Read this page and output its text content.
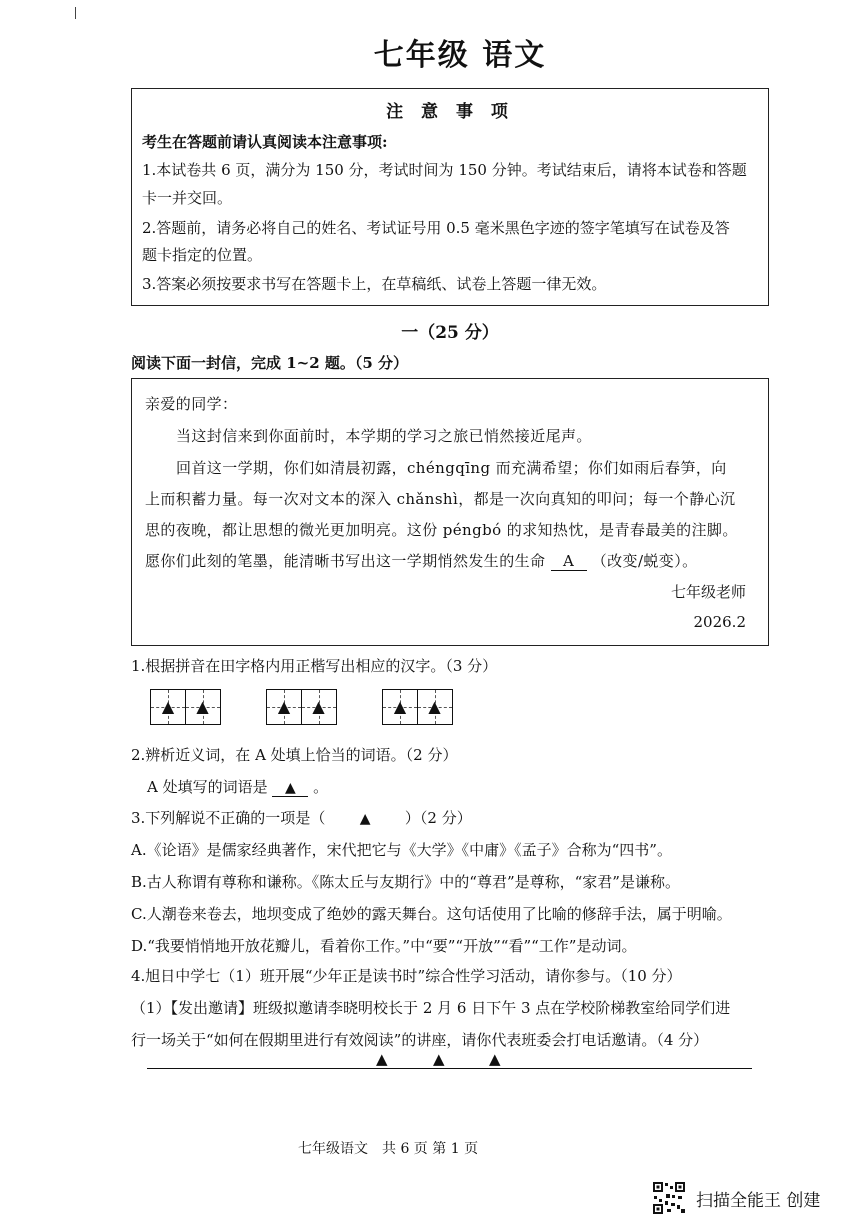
七年级 语文
注 意 事 项
考生在答题前请认真阅读本注意事项:
1.本试卷共 6 页，满分为 150 分，考试时间为 150 分钟。考试结束后，请将本试卷和答题
卡一并交回。
2.答题前，请务必将自己的姓名、考试证号用 0.5 毫米黑色字迹的签字笔填写在试卷及答
题卡指定的位置。
3.答案必须按要求书写在答题卡上，在草稿纸、试卷上答题一律无效。
一（25 分）
阅读下面一封信，完成 1~2 题。（5 分）
亲爱的同学：
当这封信来到你面前时，本学期的学习之旅已悄然接近尾声。
回首这一学期，你们如清晨初露，chéngqīng 而充满希望；你们如雨后春笋，向
上而积蓄力量。每一次对文本的深入 chǎnshì，都是一次向真知的叩问；每一个静心沉
思的夜晚，都让思想的微光更加明亮。这份 péngbó 的求知热忱，是青春最美的注脚。
愿你们此刻的笔墨，能清晰书写出这一学期悄然发生的生命 A （改变/蜕变）。
七年级老师
2026.2
1.根据拼音在田字格内用正楷写出相应的汉字。（3 分）
▲	▲	▲	▲	▲	▲
2.辨析近义词，在 A 处填上恰当的词语。（2 分）
A 处填写的词语是 ▲ 。
3.下列解说不正确的一项是（ ▲ ）（2 分）
A.《论语》是儒家经典著作，宋代把它与《大学》《中庸》《孟子》合称为“四书”。
B.古人称谓有尊称和谦称。《陈太丘与友期行》中的“尊君”是尊称，“家君”是谦称。
C.人潮卷来卷去，地坝变成了绝妙的露天舞台。这句话使用了比喻的修辞手法，属于明喻。
D.“我要悄悄地开放花瓣儿，看着你工作。”中“要”“开放”“看”“工作”是动词。
4.旭日中学七（1）班开展“少年正是读书时”综合性学习活动，请你参与。（10 分）
（1）【发出邀请】班级拟邀请李晓明校长于 2 月 6 日下午 3 点在学校阶梯教室给同学们进
行一场关于“如何在假期里进行有效阅读”的讲座，请你代表班委会打电话邀请。（4 分）
▲	▲	▲
七年级语文　共 6 页 第 1 页
扫描全能王 创建
